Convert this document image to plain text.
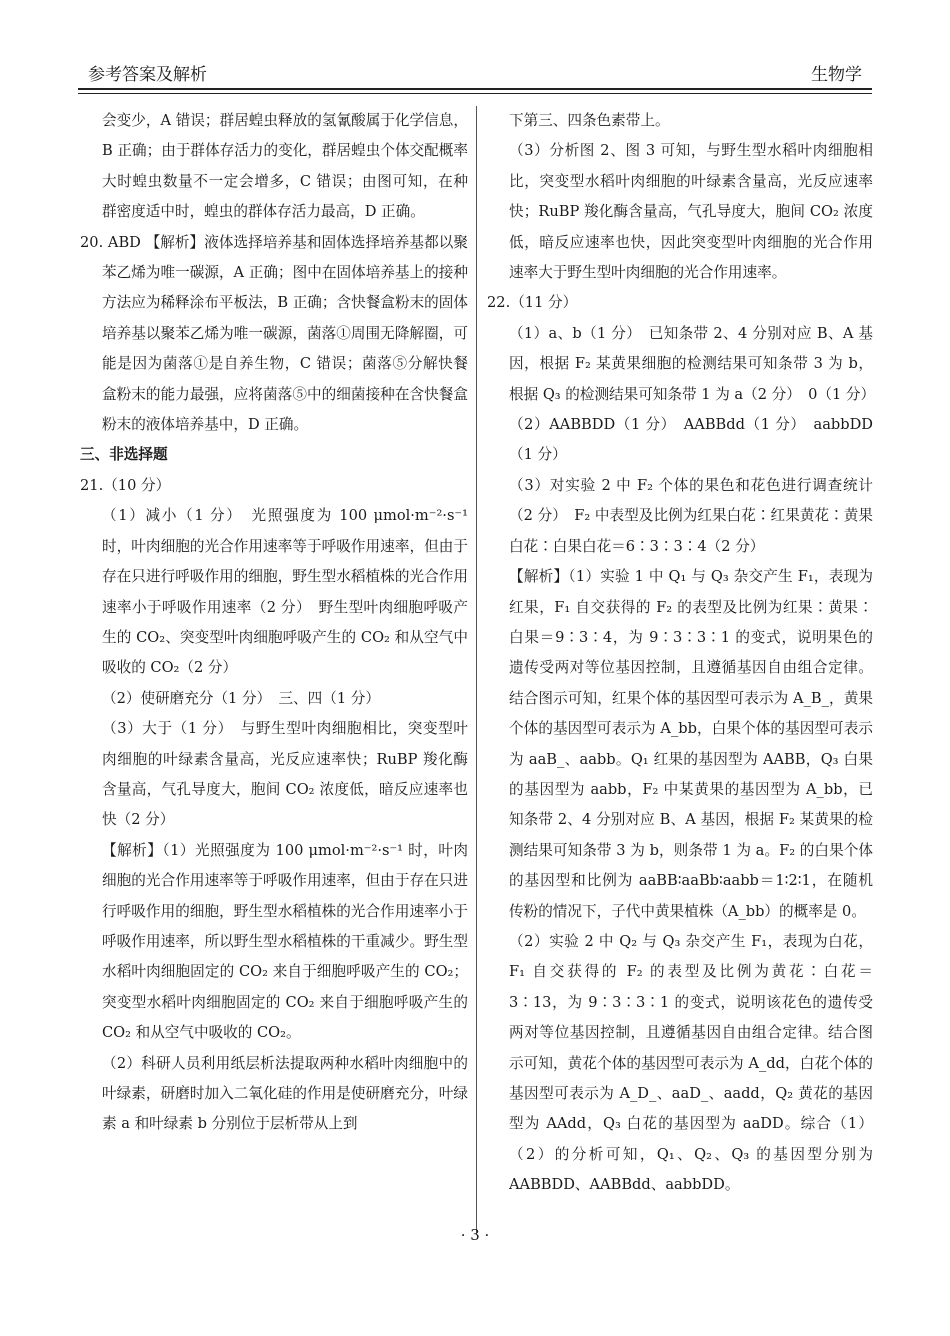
参考答案及解析	生物学

会变少，A 错误；群居蝗虫释放的氢氰酸属于化学信息，B 正确；由于群体存活力的变化，群居蝗虫个体交配概率大时蝗虫数量不一定会增多，C 错误；由图可知，在种群密度适中时，蝗虫的群体存活力最高，D 正确。

20. ABD 【解析】液体选择培养基和固体选择培养基都以聚苯乙烯为唯一碳源，A 正确；图中在固体培养基上的接种方法应为稀释涂布平板法，B 正确；含快餐盒粉末的固体培养基以聚苯乙烯为唯一碳源，菌落①周围无降解圈，可能是因为菌落①是自养生物，C 错误；菌落⑤分解快餐盒粉末的能力最强，应将菌落⑤中的细菌接种在含快餐盒粉末的液体培养基中，D 正确。

三、非选择题

21.（10 分）

（1）减小（1 分）　光照强度为 100 μmol·m⁻²·s⁻¹ 时，叶肉细胞的光合作用速率等于呼吸作用速率，但由于存在只进行呼吸作用的细胞，野生型水稻植株的光合作用速率小于呼吸作用速率（2 分）　野生型叶肉细胞呼吸产生的 CO₂、突变型叶肉细胞呼吸产生的 CO₂ 和从空气中吸收的 CO₂（2 分）

（2）使研磨充分（1 分）　三、四（1 分）

（3）大于（1 分）　与野生型叶肉细胞相比，突变型叶肉细胞的叶绿素含量高，光反应速率快；RuBP 羧化酶含量高，气孔导度大，胞间 CO₂ 浓度低，暗反应速率也快（2 分）

【解析】（1）光照强度为 100 μmol·m⁻²·s⁻¹ 时，叶肉细胞的光合作用速率等于呼吸作用速率，但由于存在只进行呼吸作用的细胞，野生型水稻植株的光合作用速率小于呼吸作用速率，所以野生型水稻植株的干重减少。野生型水稻叶肉细胞固定的 CO₂ 来自于细胞呼吸产生的 CO₂；突变型水稻叶肉细胞固定的 CO₂ 来自于细胞呼吸产生的 CO₂ 和从空气中吸收的 CO₂。

（2）科研人员利用纸层析法提取两种水稻叶肉细胞中的叶绿素，研磨时加入二氧化硅的作用是使研磨充分，叶绿素 a 和叶绿素 b 分别位于层析带从上到

下第三、四条色素带上。

（3）分析图 2、图 3 可知，与野生型水稻叶肉细胞相比，突变型水稻叶肉细胞的叶绿素含量高，光反应速率快；RuBP 羧化酶含量高，气孔导度大，胞间 CO₂ 浓度低，暗反应速率也快，因此突变型叶肉细胞的光合作用速率大于野生型叶肉细胞的光合作用速率。

22.（11 分）

（1）a、b（1 分）　已知条带 2、4 分别对应 B、A 基因，根据 F₂ 某黄果细胞的检测结果可知条带 3 为 b，根据 Q₃ 的检测结果可知条带 1 为 a（2 分）　0（1 分）

（2）AABBDD（1 分）　AABBdd（1 分）　aabbDD（1 分）

（3）对实验 2 中 F₂ 个体的果色和花色进行调查统计（2 分）　F₂ 中表型及比例为红果白花∶红果黄花∶黄果白花∶白果白花＝6∶3∶3∶4（2 分）

【解析】（1）实验 1 中 Q₁ 与 Q₃ 杂交产生 F₁，表现为红果，F₁ 自交获得的 F₂ 的表型及比例为红果∶黄果∶白果＝9∶3∶4，为 9∶3∶3∶1 的变式，说明果色的遗传受两对等位基因控制，且遵循基因自由组合定律。结合图示可知，红果个体的基因型可表示为 A_B_，黄果个体的基因型可表示为 A_bb，白果个体的基因型可表示为 aaB_、aabb。Q₁ 红果的基因型为 AABB，Q₃ 白果的基因型为 aabb，F₂ 中某黄果的基因型为 A_bb，已知条带 2、4 分别对应 B、A 基因，根据 F₂ 某黄果的检测结果可知条带 3 为 b，则条带 1 为 a。F₂ 的白果个体的基因型和比例为 aaBB∶aaBb∶aabb＝1∶2∶1，在随机传粉的情况下，子代中黄果植株（A_bb）的概率是 0。

（2）实验 2 中 Q₂ 与 Q₃ 杂交产生 F₁，表现为白花，F₁ 自交获得的 F₂ 的表型及比例为黄花∶白花＝3∶13，为 9∶3∶3∶1 的变式，说明该花色的遗传受两对等位基因控制，且遵循基因自由组合定律。结合图示可知，黄花个体的基因型可表示为 A_dd，白花个体的基因型可表示为 A_D_、aaD_、aadd，Q₂ 黄花的基因型为 AAdd，Q₃ 白花的基因型为 aaDD。综合（1）（2）的分析可知，Q₁、Q₂、Q₃ 的基因型分别为 AABBDD、AABBdd、aabbDD。

· 3 ·
